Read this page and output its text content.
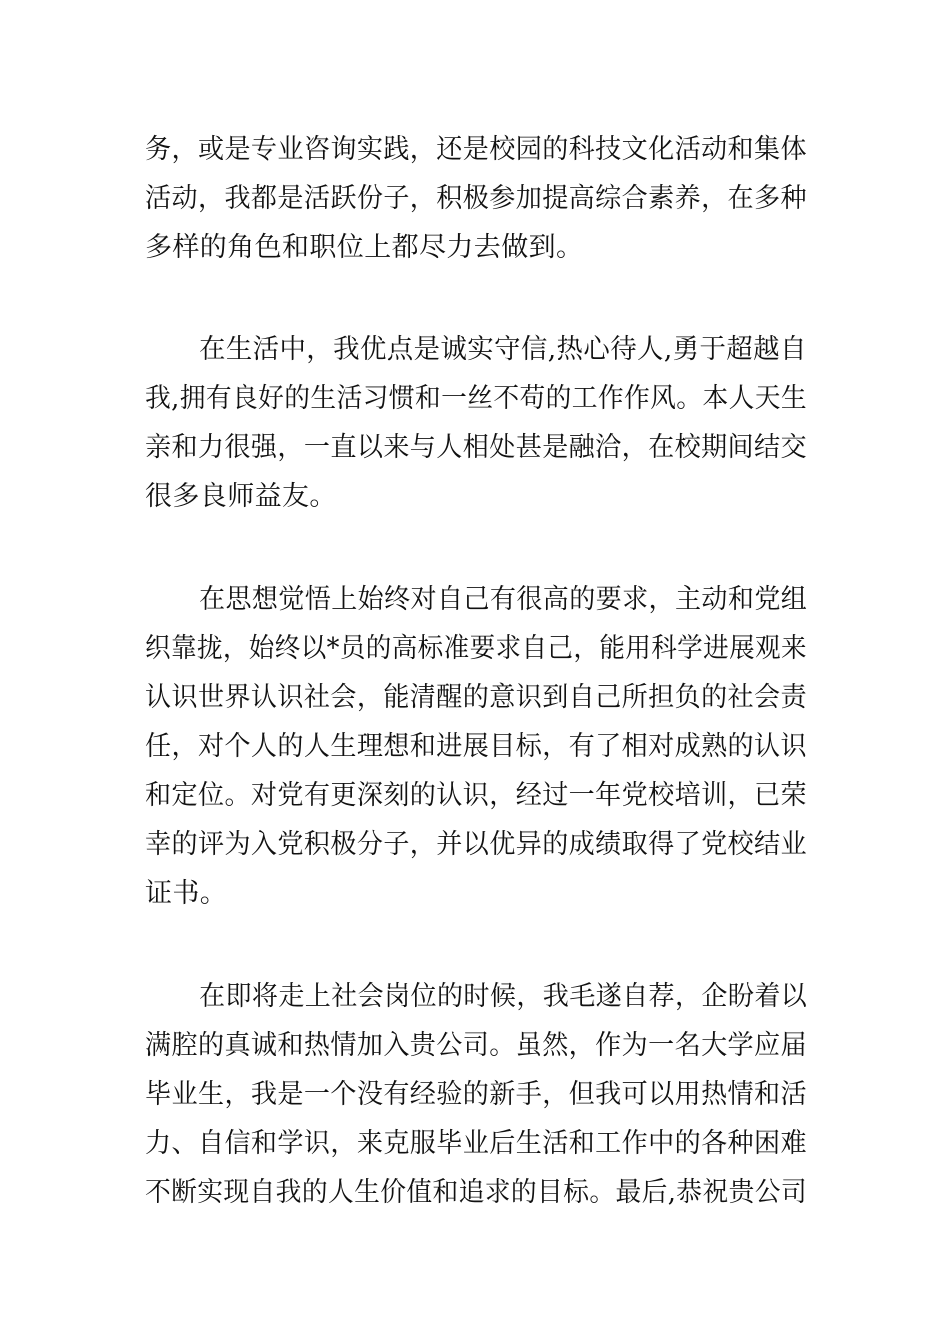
务，或是专业咨询实践，还是校园的科技文化活动和集体
活动，我都是活跃份子，积极参加提高综合素养，在多种
多样的角色和职位上都尽力去做到。
在生活中，我优点是诚实守信,热心待人,勇于超越自
我,拥有良好的生活习惯和一丝不苟的工作作风。本人天生
亲和力很强，一直以来与人相处甚是融洽，在校期间结交
很多良师益友。
在思想觉悟上始终对自己有很高的要求，主动和党组
织靠拢，始终以*员的高标准要求自己，能用科学进展观来
认识世界认识社会，能清醒的意识到自己所担负的社会责
任，对个人的人生理想和进展目标，有了相对成熟的认识
和定位。对党有更深刻的认识，经过一年党校培训，已荣
幸的评为入党积极分子，并以优异的成绩取得了党校结业
证书。
在即将走上社会岗位的时候，我毛遂自荐，企盼着以
满腔的真诚和热情加入贵公司。虽然，作为一名大学应届
毕业生，我是一个没有经验的新手，但我可以用热情和活
力、自信和学识，来克服毕业后生活和工作中的各种困难
不断实现自我的人生价值和追求的目标。最后,恭祝贵公司
